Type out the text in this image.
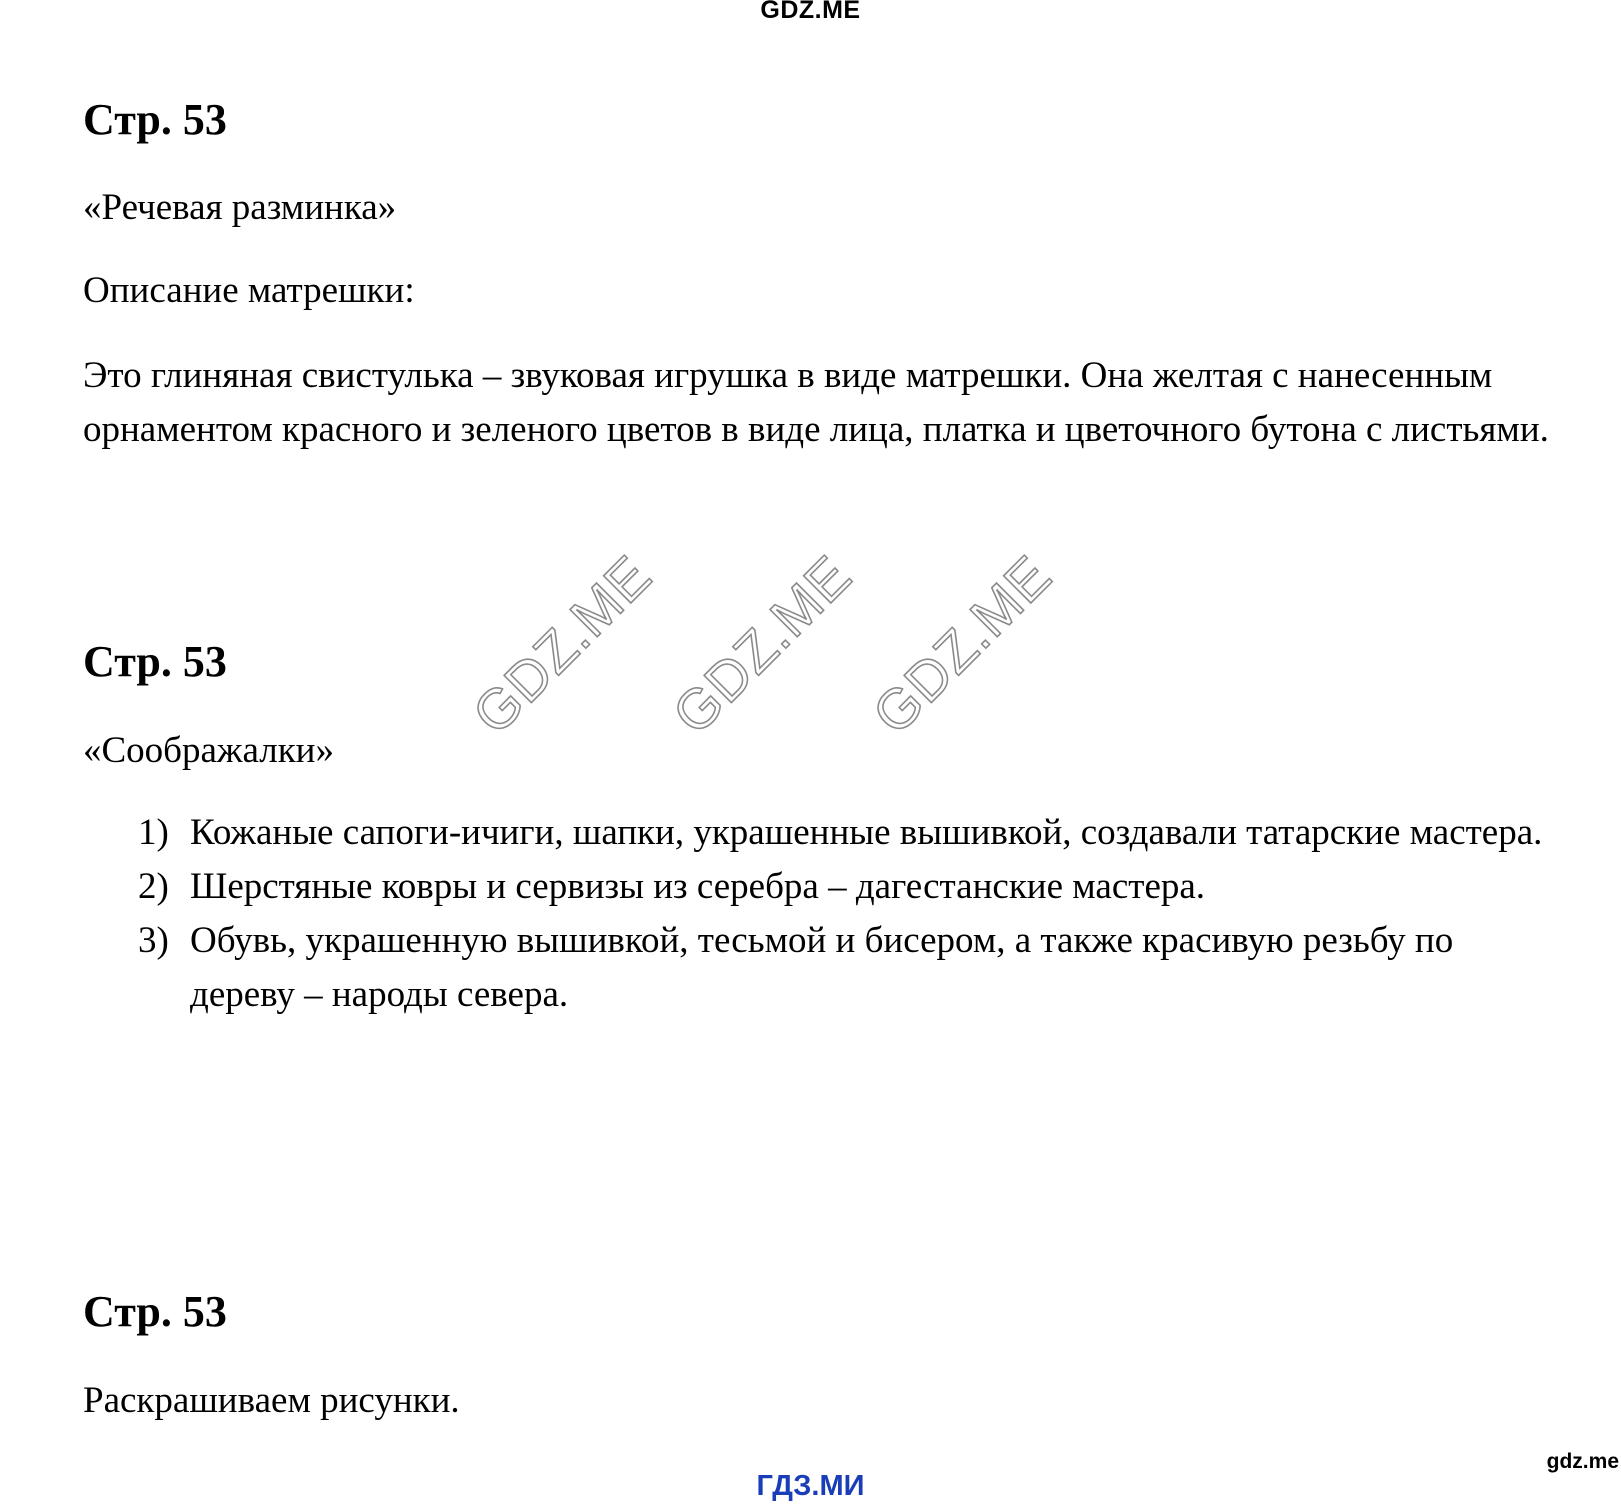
GDZ.ME
Стр. 53

«Речевая разминка»

Описание матрешки:

Это глиняная свистулька – звуковая игрушка в виде матрешки. Она желтая с нанесенным орнаментом красного и зеленого цветов в виде лица, платка и цветочного бутона с листьями.

GDZ.ME
GDZ.ME
GDZ.ME
Стр. 53

«Соображалки»

1) Кожаные сапоги-ичиги, шапки, украшенные вышивкой, создавали татарские мастера.
2) Шерстяные ковры и сервизы из серебра – дагестанские мастера.
3) Обувь, украшенную вышивкой, тесьмой и бисером, а также красивую резьбу по дереву – народы севера.
Стр. 53

Раскрашиваем рисунки.

ГДЗ.МИ
gdz.me
